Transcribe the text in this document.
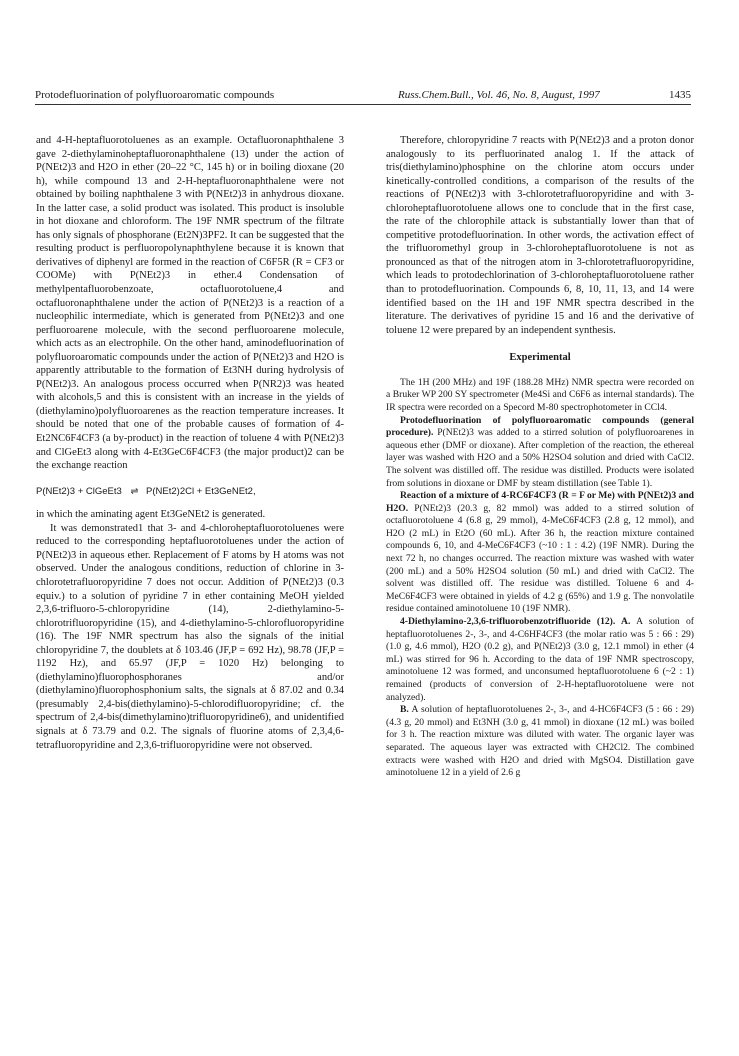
Protodefluorination of polyfluoroaromatic compounds	Russ.Chem.Bull., Vol. 46, No. 8, August, 1997	1435

and 4-H-heptafluorotoluenes as an example. Octafluoronaphthalene 3 gave 2-diethylaminoheptafluoronaphthalene (13) under the action of P(NEt2)3 and H2O in ether (20–22 °C, 145 h) or in boiling dioxane (20 h), while compound 13 and 2-H-heptafluoronaphthalene were not obtained by boiling naphthalene 3 with P(NEt2)3 in anhydrous dioxane. In the latter case, a solid product was isolated. This product is insoluble in hot dioxane and chloroform. The 19F NMR spectrum of the filtrate has only signals of phosphorane (Et2N)3PF2. It can be suggested that the resulting product is perfluoropolynaphthylene because it is known that derivatives of diphenyl are formed in the reaction of C6F5R (R = CF3 or COOMe) with P(NEt2)3 in ether.4 Condensation of methylpentafluorobenzoate, octafluorotoluene,4 and octafluoronaphthalene under the action of P(NEt2)3 is a reaction of a nucleophilic intermediate, which is generated from P(NEt2)3 and one perfluoroarene molecule, with the second perfluoroarene molecule, which acts as an electrophile. On the other hand, aminodefluorination of polyfluoroaromatic compounds under the action of P(NEt2)3 and H2O is apparently attributable to the formation of Et3NH during hydrolysis of P(NEt2)3. An analogous process occurred when P(NR2)3 was heated with alcohols,5 and this is consistent with an increase in the yields of (diethylamino)polyfluoroarenes as the reaction temperature increases. It should be noted that one of the probable causes of formation of 4-Et2NC6F4CF3 (a by-product) in the reaction of toluene 4 with P(NEt2)3 and ClGeEt3 along with 4-Et3GeC6F4CF3 (the major product)2 can be the exchange reaction

P(NEt2)3 + ClGeEt3 ⇌ P(NEt2)2Cl + Et3GeNEt2,

in which the aminating agent Et3GeNEt2 is generated.

It was demonstrated1 that 3- and 4-chloroheptafluorotoluenes were reduced to the corresponding heptafluorotoluenes under the action of P(NEt2)3 in aqueous ether. Replacement of F atoms by H atoms was not observed. Under the analogous conditions, reduction of chlorine in 3-chlorotetrafluoropyridine 7 does not occur. Addition of P(NEt2)3 (0.3 equiv.) to a solution of pyridine 7 in ether containing MeOH yielded 2,3,6-trifluoro-5-chloropyridine (14), 2-diethylamino-5-chlorotrifluoropyridine (15), and 4-diethylamino-5-chlorofluoropyridine (16). The 19F NMR spectrum has also the signals of the initial chloropyridine 7, the doublets at δ 103.46 (JF,P = 692 Hz), 98.78 (JF,P = 1192 Hz), and 65.97 (JF,P = 1020 Hz) belonging to (diethylamino)fluorophosphoranes and/or (diethylamino)fluorophosphonium salts, the signals at δ 87.02 and 0.34 (presumably 2,4-bis(diethylamino)-5-chlorodifluoropyridine; cf. the spectrum of 2,4-bis(dimethylamino)trifluoropyridine6), and unidentified signals at δ 73.79 and 0.2. The signals of fluorine atoms of 2,3,4,6-tetrafluoropyridine and 2,3,6-trifluoropyridine were not observed.

Therefore, chloropyridine 7 reacts with P(NEt2)3 and a proton donor analogously to its perfluorinated analog 1. If the attack of tris(diethylamino)phosphine on the chlorine atom occurs under kinetically-controlled conditions, a comparison of the results of the reactions of P(NEt2)3 with 3-chlorotetrafluoropyridine and with 3-chloroheptafluorotoluene allows one to conclude that in the first case, the rate of the chlorophile attack is substantially lower than that of competitive protodefluorination. In other words, the activation effect of the trifluoromethyl group in 3-chloroheptafluorotoluene is not as pronounced as that of the nitrogen atom in 3-chlorotetrafluoropyridine, which leads to protodechlorination of 3-chloroheptafluorotoluene rather than to protodefluorination. Compounds 6, 8, 10, 11, 13, and 14 were identified based on the 1H and 19F NMR spectra described in the literature. The derivatives of pyridine 15 and 16 and the derivative of toluene 12 were prepared by an independent synthesis.

Experimental

The 1H (200 MHz) and 19F (188.28 MHz) NMR spectra were recorded on a Bruker WP 200 SY spectrometer (Me4Si and C6F6 as internal standards). The IR spectra were recorded on a Specord M-80 spectrophotometer in CCl4.

Protodefluorination of polyfluoroaromatic compounds (general procedure). P(NEt2)3 was added to a stirred solution of polyfluoroarenes in aqueous ether (DMF or dioxane). After completion of the reaction, the ethereal layer was washed with H2O and a 50% H2SO4 solution and dried with CaCl2. The solvent was distilled off. The residue was distilled. Products were isolated from solutions in dioxane or DMF by steam distillation (see Table 1).

Reaction of a mixture of 4-RC6F4CF3 (R = F or Me) with P(NEt2)3 and H2O. P(NEt2)3 (20.3 g, 82 mmol) was added to a stirred solution of octafluorotoluene 4 (6.8 g, 29 mmol), 4-MeC6F4CF3 (2.8 g, 12 mmol), and H2O (2 mL) in Et2O (60 mL). After 36 h, the reaction mixture contained compounds 6, 10, and 4-MeC6F4CF3 (~10 : 1 : 4.2) (19F NMR). During the next 72 h, no changes occurred. The reaction mixture was washed with water (200 mL) and a 50% H2SO4 solution (50 mL) and dried with CaCl2. The solvent was distilled off. The residue was distilled. Toluene 6 and 4-MeC6F4CF3 were obtained in yields of 4.2 g (65%) and 1.9 g. The nonvolatile residue contained aminotoluene 10 (19F NMR).

4-Diethylamino-2,3,6-trifluorobenzotrifluoride (12). A. A solution of heptafluorotoluenes 2-, 3-, and 4-C6HF4CF3 (the molar ratio was 5 : 66 : 29) (1.0 g, 4.6 mmol), H2O (0.2 g), and P(NEt2)3 (3.0 g, 12.1 mmol) in ether (4 mL) was stirred for 96 h. According to the data of 19F NMR spectroscopy, aminotoluene 12 was formed, and unconsumed heptafluorotoluene 6 (~2 : 1) remained (products of conversion of 2-H-heptafluorotoluene were not analyzed).

B. A solution of heptafluorotoluenes 2-, 3-, and 4-HC6F4CF3 (5 : 66 : 29) (4.3 g, 20 mmol) and Et3NH (3.0 g, 41 mmol) in dioxane (12 mL) was boiled for 3 h. The reaction mixture was diluted with water. The organic layer was separated. The aqueous layer was extracted with CH2Cl2. The combined extracts were washed with H2O and dried with MgSO4. Distillation gave aminotoluene 12 in a yield of 2.6 g
